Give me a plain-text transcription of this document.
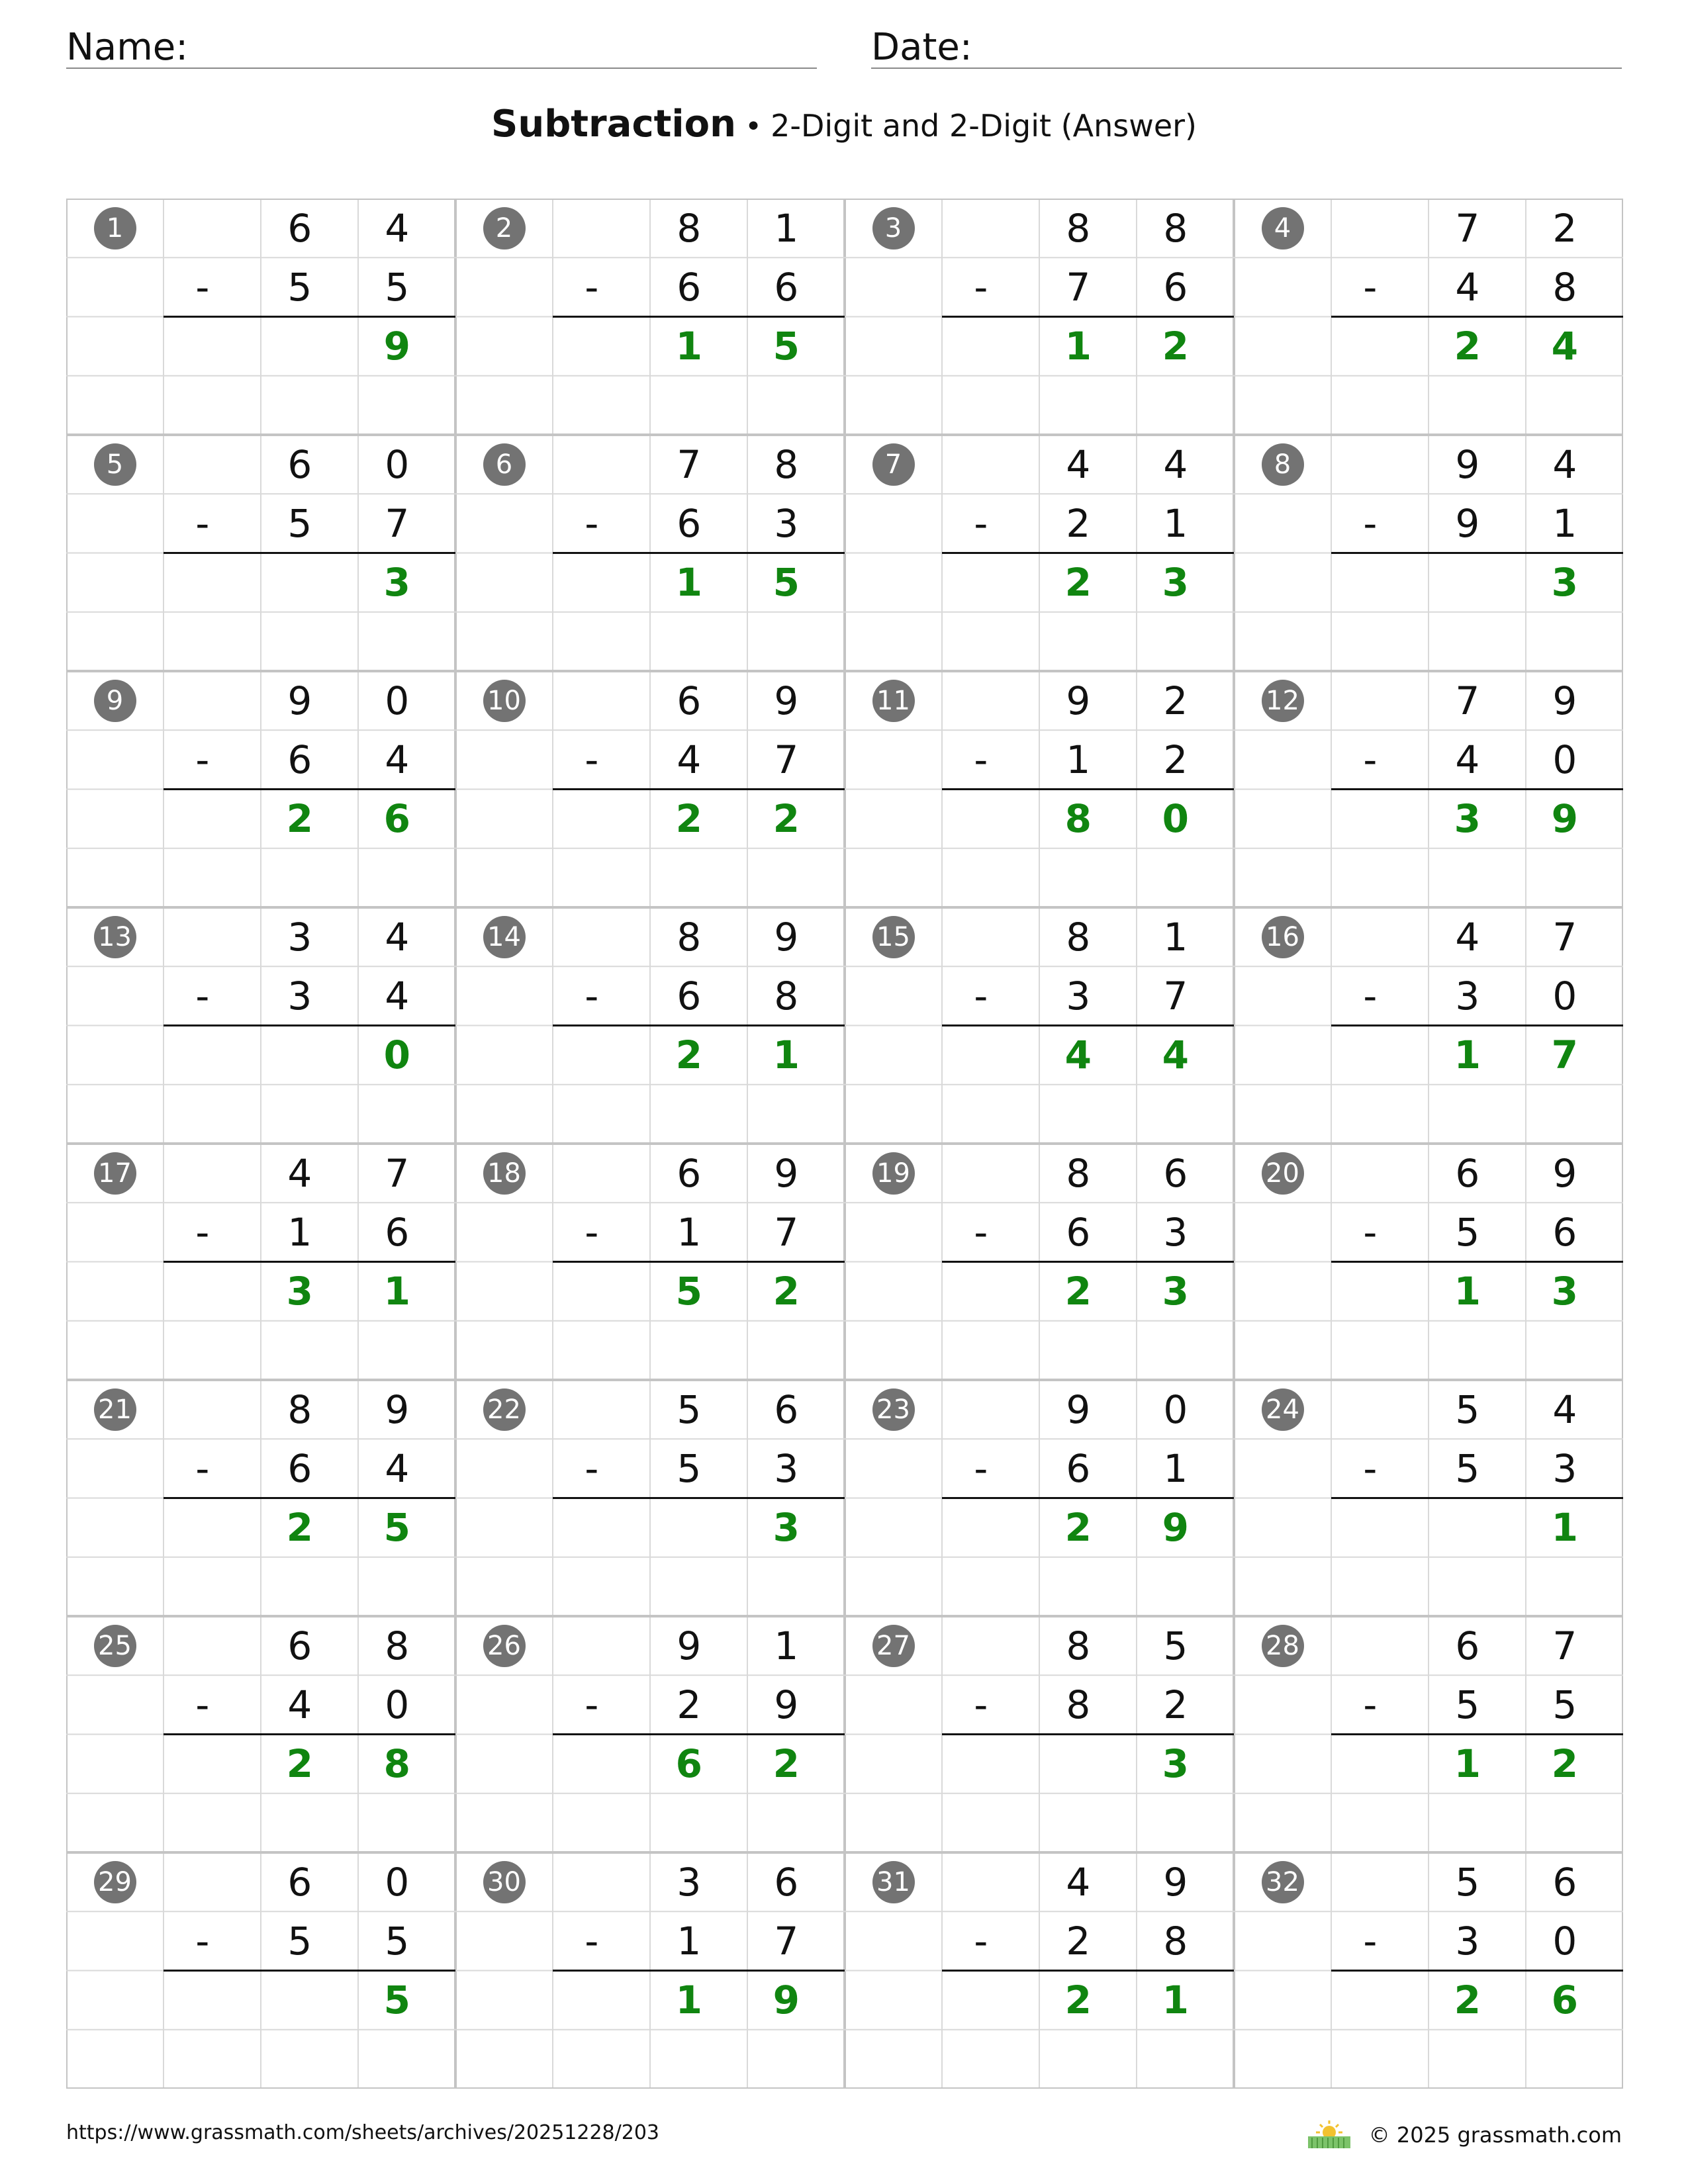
Name:	Date:
Subtraction • 2-Digit and 2-Digit (Answer)
1	6	4
-	5	5
9
2	8	1
-	6	6
1	5
3	8	8
-	7	6
1	2
4	7	2
-	4	8
2	4
5	6	0
-	5	7
3
6	7	8
-	6	3
1	5
7	4	4
-	2	1
2	3
8	9	4
-	9	1
3
9	9	0
-	6	4
2	6
10	6	9
-	4	7
2	2
11	9	2
-	1	2
8	0
12	7	9
-	4	0
3	9
13	3	4
-	3	4
0
14	8	9
-	6	8
2	1
15	8	1
-	3	7
4	4
16	4	7
-	3	0
1	7
17	4	7
-	1	6
3	1
18	6	9
-	1	7
5	2
19	8	6
-	6	3
2	3
20	6	9
-	5	6
1	3
21	8	9
-	6	4
2	5
22	5	6
-	5	3
3
23	9	0
-	6	1
2	9
24	5	4
-	5	3
1
25	6	8
-	4	0
2	8
26	9	1
-	2	9
6	2
27	8	5
-	8	2
3
28	6	7
-	5	5
1	2
29	6	0
-	5	5
5
30	3	6
-	1	7
1	9
31	4	9
-	2	8
2	1
32	5	6
-	3	0
2	6
https://www.grassmath.com/sheets/archives/20251228/203	© 2025 grassmath.com
